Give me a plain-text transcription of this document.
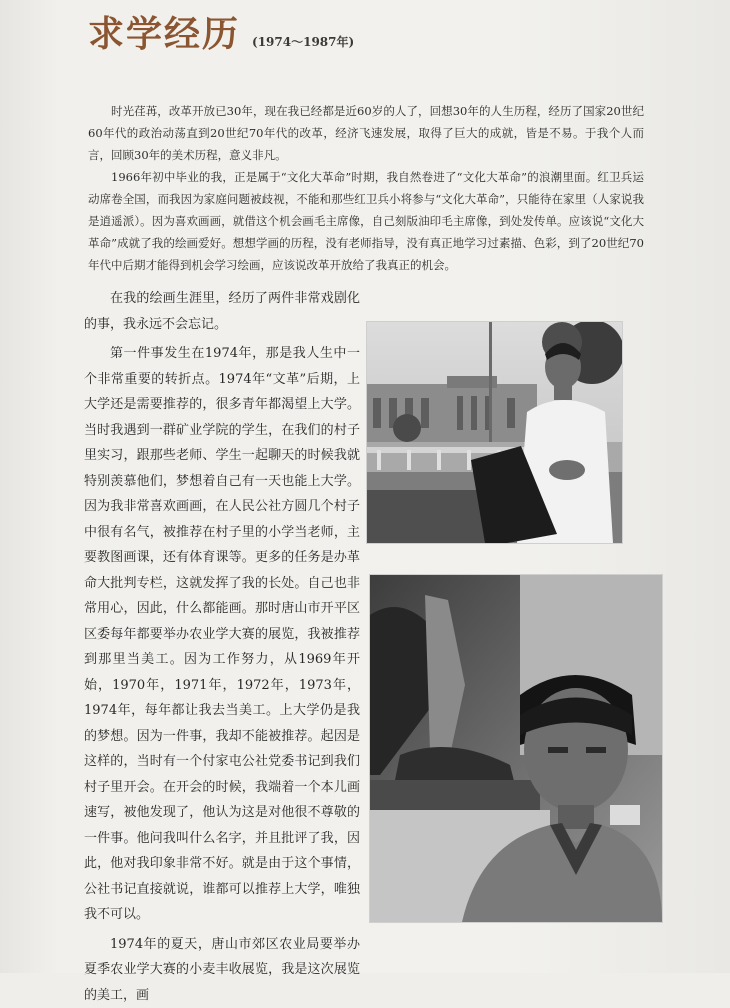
求学经历 (1974～1987年)

时光荏苒，改革开放已30年，现在我已经都是近60岁的人了，回想30年的人生历程，经历了国家20世纪60年代的政治动荡直到20世纪70年代的改革，经济飞速发展，取得了巨大的成就，皆是不易。于我个人而言，回顾30年的美术历程，意义非凡。

1966年初中毕业的我，正是属于“文化大革命”时期，我自然卷进了“文化大革命”的浪潮里面。红卫兵运动席卷全国，而我因为家庭问题被歧视，不能和那些红卫兵小将参与“文化大革命”，只能待在家里（人家说我是逍遥派）。因为喜欢画画，就借这个机会画毛主席像，自己刻版油印毛主席像，到处发传单。应该说“文化大革命”成就了我的绘画爱好。想想学画的历程，没有老师指导，没有真正地学习过素描、色彩，到了20世纪70年代中后期才能得到机会学习绘画，应该说改革开放给了我真正的机会。

在我的绘画生涯里，经历了两件非常戏剧化的事，我永远不会忘记。

第一件事发生在1974年，那是我人生中一个非常重要的转折点。1974年“文革”后期，上大学还是需要推荐的，很多青年都渴望上大学。当时我遇到一群矿业学院的学生，在我们的村子里实习，跟那些老师、学生一起聊天的时候我就特别羡慕他们，梦想着自己有一天也能上大学。因为我非常喜欢画画，在人民公社方圆几个村子中很有名气，被推荐在村子里的小学当老师，主要教图画课，还有体育课等。更多的任务是办革命大批判专栏，这就发挥了我的长处。自己也非常用心，因此，什么都能画。那时唐山市开平区区委每年都要举办农业学大赛的展览，我被推荐到那里当美工。因为工作努力，从1969年开始，1970年，1971年，1972年，1973年，1974年，每年都让我去当美工。上大学仍是我的梦想。因为一件事，我却不能被推荐。起因是这样的，当时有一个付家屯公社党委书记到我们村子里开会。在开会的时候，我端着一个本儿画速写，被他发现了，他认为这是对他很不尊敬的一件事。他问我叫什么名字，并且批评了我，因此，他对我印象非常不好。就是由于这个事情，公社书记直接就说，谁都可以推荐上大学，唯独我不可以。

1974年的夏天，唐山市郊区农业局要举办夏季农业学大赛的小麦丰收展览，我是这次展览的美工，画
